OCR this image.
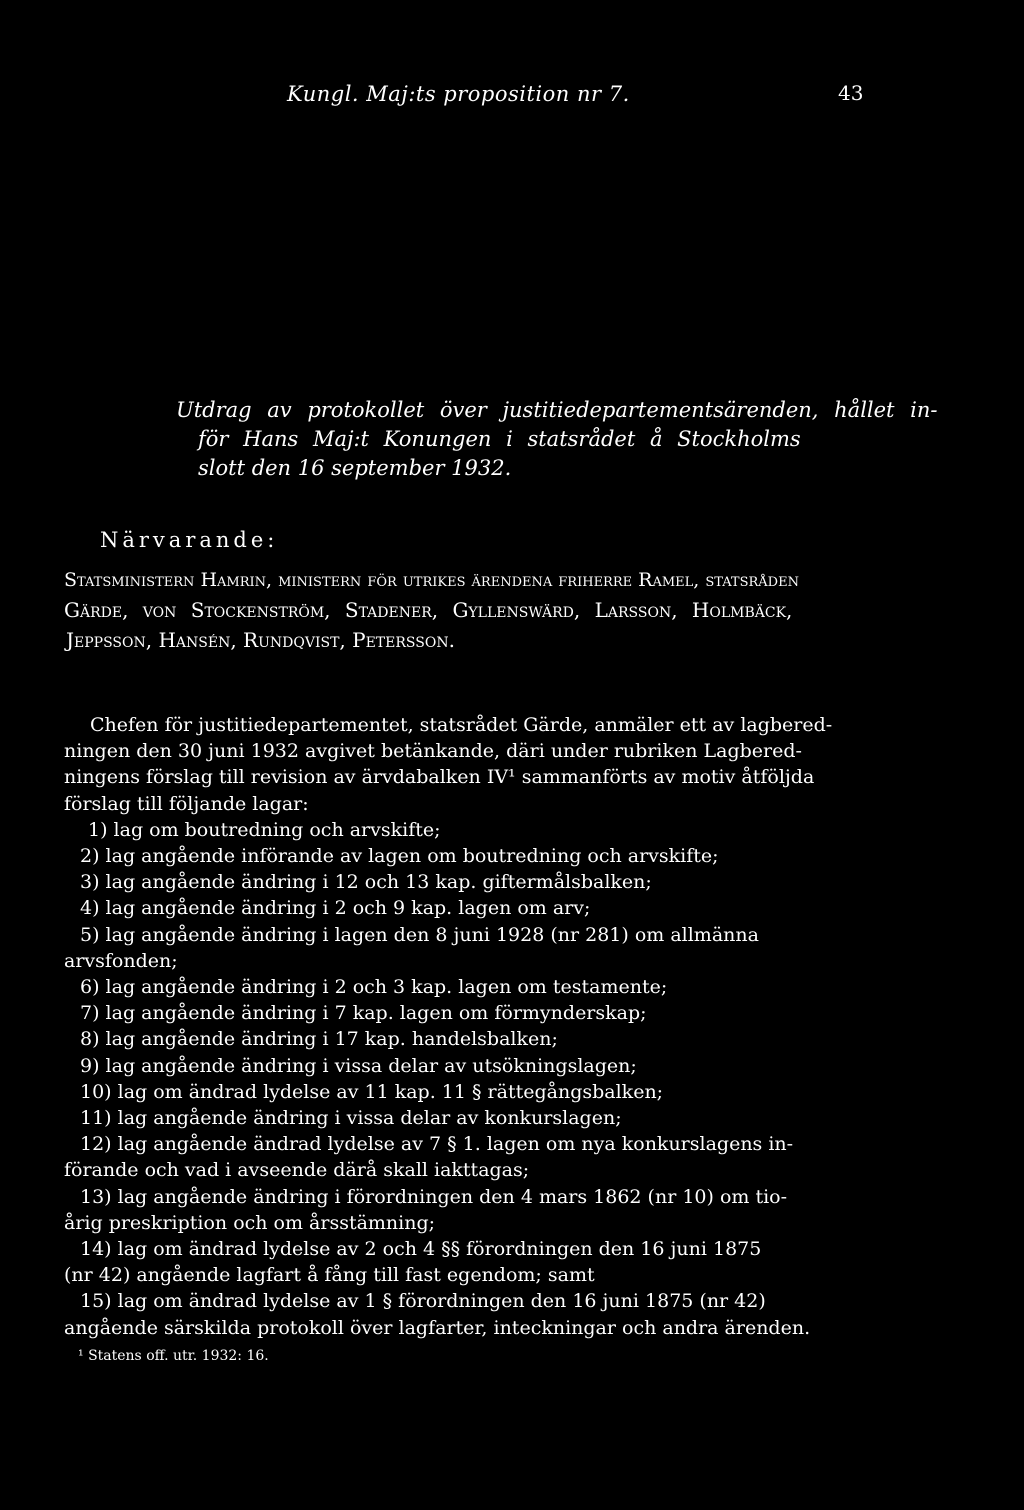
Kungl. Maj:ts proposition nr 7.	43
Utdrag av protokollet över justitiedepartementsärenden, hållet in-
för Hans Maj:t Konungen i statsrådet å Stockholms
slott den 16 september 1932.
Närvarande:
Statsministern Hamrin, ministern för utrikes ärendena friherre Ramel, statsråden
Gärde, von Stockenström, Stadener, Gyllenswärd, Larsson, Holmbäck,
Jeppsson, Hansén, Rundqvist, Petersson.
Chefen för justitiedepartementet, statsrådet Gärde, anmäler ett av lagbered-
ningen den 30 juni 1932 avgivet betänkande, däri under rubriken Lagbered-
ningens förslag till revision av ärvdabalken IV¹ sammanförts av motiv åtföljda
förslag till följande lagar:
1) lag om boutredning och arvskifte;
2) lag angående införande av lagen om boutredning och arvskifte;
3) lag angående ändring i 12 och 13 kap. giftermålsbalken;
4) lag angående ändring i 2 och 9 kap. lagen om arv;
5) lag angående ändring i lagen den 8 juni 1928 (nr 281) om allmänna
arvsfonden;
6) lag angående ändring i 2 och 3 kap. lagen om testamente;
7) lag angående ändring i 7 kap. lagen om förmynderskap;
8) lag angående ändring i 17 kap. handelsbalken;
9) lag angående ändring i vissa delar av utsökningslagen;
10) lag om ändrad lydelse av 11 kap. 11 § rättegångsbalken;
11) lag angående ändring i vissa delar av konkurslagen;
12) lag angående ändrad lydelse av 7 § 1. lagen om nya konkurslagens in-
förande och vad i avseende därå skall iakttagas;
13) lag angående ändring i förordningen den 4 mars 1862 (nr 10) om tio-
årig preskription och om årsstämning;
14) lag om ändrad lydelse av 2 och 4 §§ förordningen den 16 juni 1875
(nr 42) angående lagfart å fång till fast egendom; samt
15) lag om ändrad lydelse av 1 § förordningen den 16 juni 1875 (nr 42)
angående särskilda protokoll över lagfarter, inteckningar och andra ärenden.
¹ Statens off. utr. 1932: 16.
